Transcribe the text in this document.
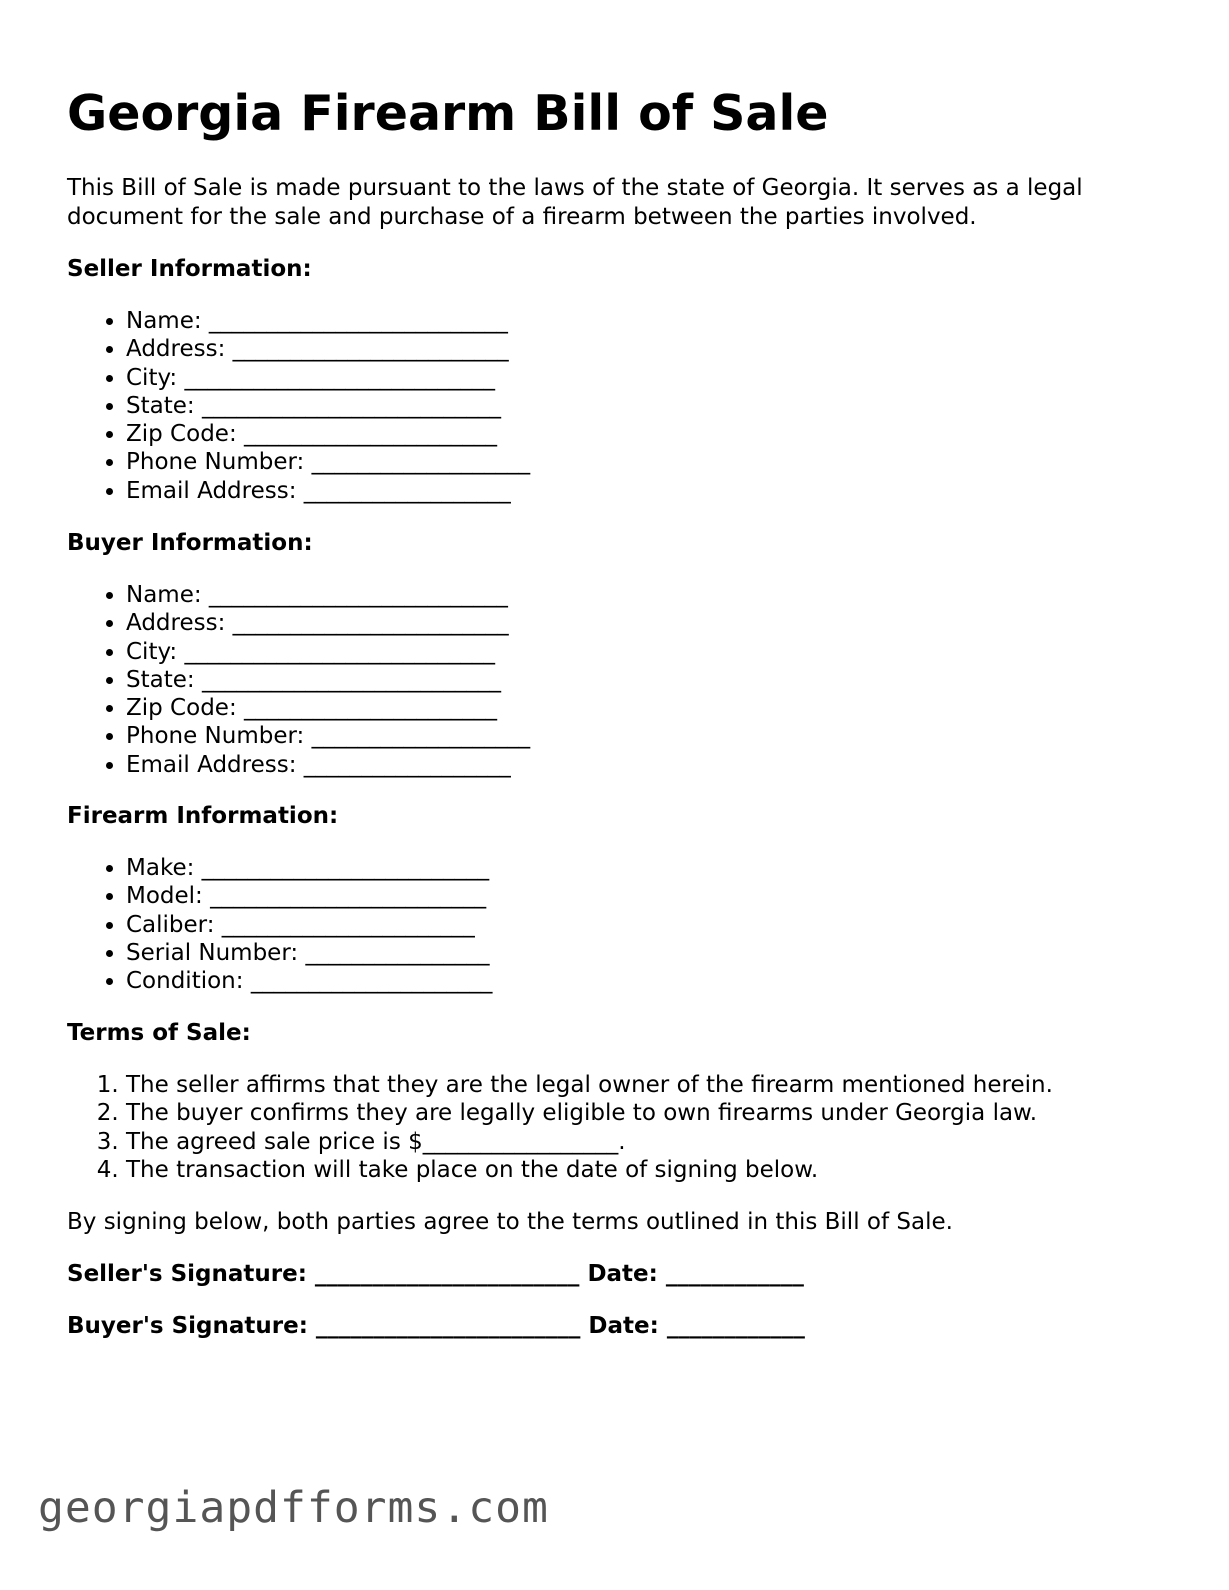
Georgia Firearm Bill of Sale

This Bill of Sale is made pursuant to the laws of the state of Georgia. It serves as a legal document for the sale and purchase of a firearm between the parties involved.

Seller Information:
• Name: __________________________
• Address: ________________________
• City: ___________________________
• State: __________________________
• Zip Code: ______________________
• Phone Number: ___________________
• Email Address: __________________
Buyer Information:
• Name: __________________________
• Address: ________________________
• City: ___________________________
• State: __________________________
• Zip Code: ______________________
• Phone Number: ___________________
• Email Address: __________________
Firearm Information:
• Make: _________________________
• Model: ________________________
• Caliber: ______________________
• Serial Number: ________________
• Condition: _____________________
Terms of Sale:
1. The seller affirms that they are the legal owner of the firearm mentioned herein.
2. The buyer confirms they are legally eligible to own firearms under Georgia law.
3. The agreed sale price is $_________________.
4. The transaction will take place on the date of signing below.

By signing below, both parties agree to the terms outlined in this Bill of Sale.

Seller's Signature: _______________________ Date: ____________

Buyer's Signature: _______________________ Date: ____________

georgiapdfforms.com
